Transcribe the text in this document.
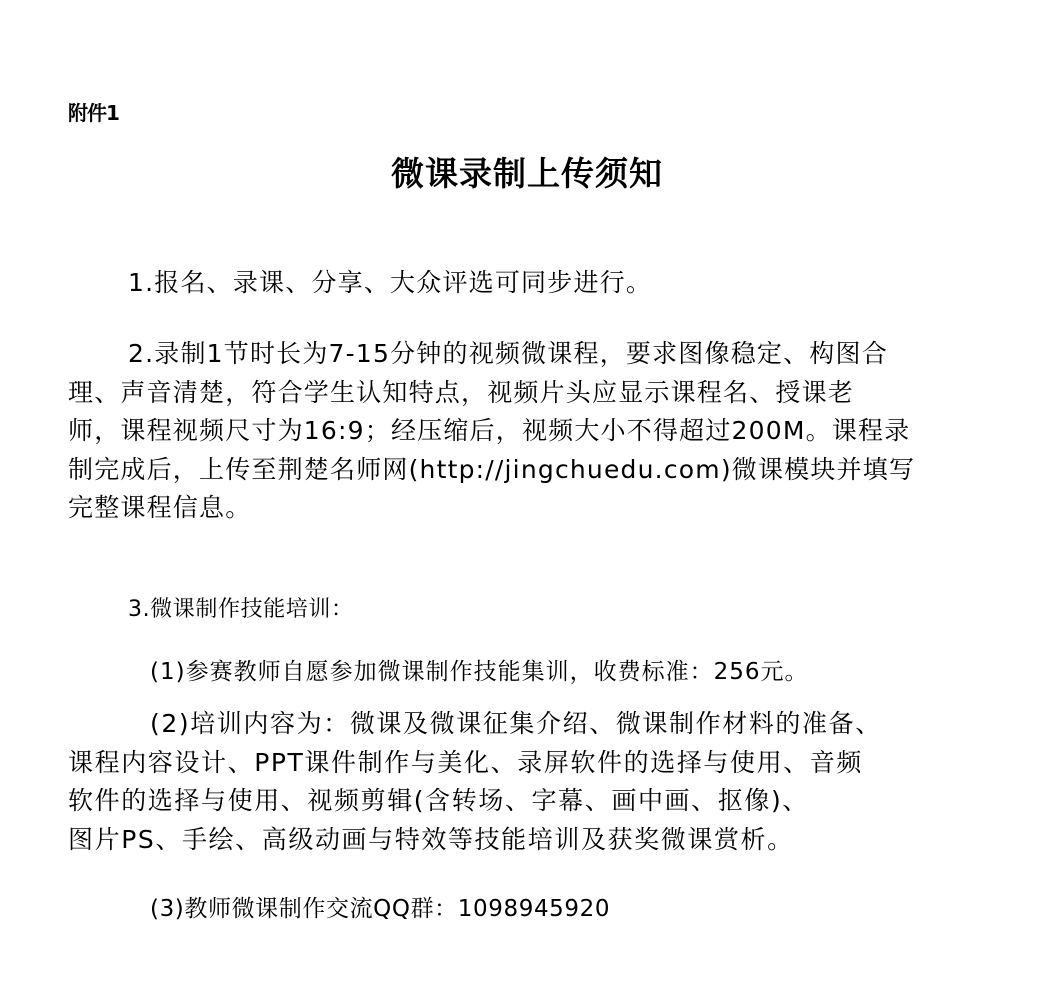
附件1
微课录制上传须知
1.报名、录课、分享、大众评选可同步进行。
2.录制1节时长为7-15分钟的视频微课程，要求图像稳定、构图合
理、声音清楚，符合学生认知特点，视频片头应显示课程名、授课老
师，课程视频尺寸为16:9；经压缩后，视频大小不得超过200M。课程录
制完成后，上传至荆楚名师网(http://jingchuedu.com)微课模块并填写
完整课程信息。
3.微课制作技能培训：
(1)参赛教师自愿参加微课制作技能集训，收费标准：256元。
(2)培训内容为：微课及微课征集介绍、微课制作材料的准备、
课程内容设计、PPT课件制作与美化、录屏软件的选择与使用、音频
软件的选择与使用、视频剪辑(含转场、字幕、画中画、抠像)、
图片PS、手绘、高级动画与特效等技能培训及获奖微课赏析。
(3)教师微课制作交流QQ群：1098945920
